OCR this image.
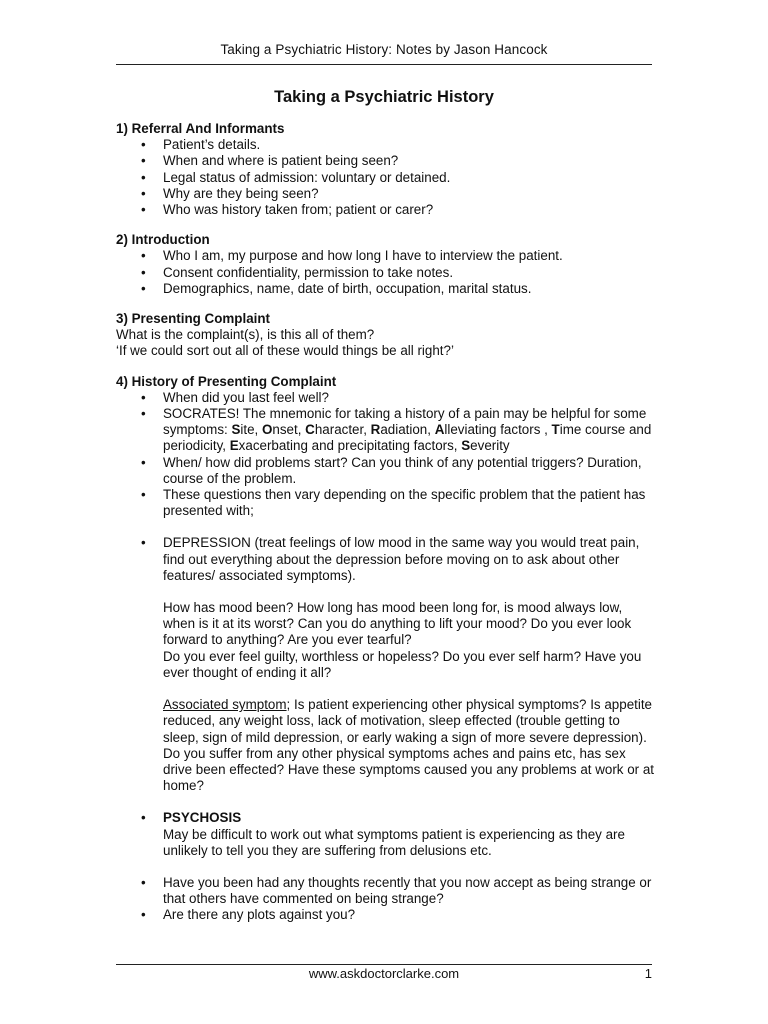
Taking a Psychiatric History: Notes by Jason Hancock
Taking a Psychiatric History

1) Referral And Informants

• Patient’s details.
• When and where is patient being seen?
• Legal status of admission: voluntary or detained.
• Why are they being seen?
• Who was history taken from; patient or carer?

2) Introduction

• Who I am, my purpose and how long I have to interview the patient.
• Consent confidentiality, permission to take notes.
• Demographics, name, date of birth, occupation, marital status.

3) Presenting Complaint

What is the complaint(s), is this all of them?

‘If we could sort out all of these would things be all right?’

4) History of Presenting Complaint

• When did you last feel well?
• SOCRATES! The mnemonic for taking a history of a pain may be helpful for some symptoms: Site, Onset, Character, Radiation, Alleviating factors , Time course and periodicity, Exacerbating and precipitating factors, Severity
• When/ how did problems start? Can you think of any potential triggers? Duration, course of the problem.
• These questions then vary depending on the specific problem that the patient has presented with;

• DEPRESSION (treat feelings of low mood in the same way you would treat pain, find out everything about the depression before moving on to ask about other features/ associated symptoms).

How has mood been? How long has mood been long for, is mood always low, when is it at its worst? Can you do anything to lift your mood? Do you ever look forward to anything? Are you ever tearful?

Do you ever feel guilty, worthless or hopeless? Do you ever self harm? Have you ever thought of ending it all?

Associated symptom; Is patient experiencing other physical symptoms? Is appetite reduced, any weight loss, lack of motivation, sleep effected (trouble getting to sleep, sign of mild depression, or early waking a sign of more severe depression). Do you suffer from any other physical symptoms aches and pains etc, has sex drive been effected? Have these symptoms caused you any problems at work or at home?

• PSYCHOSIS

May be difficult to work out what symptoms patient is experiencing as they are unlikely to tell you they are suffering from delusions etc.

• Have you been had any thoughts recently that you now accept as being strange or that others have commented on being strange?
• Are there any plots against you?
www.askdoctorclarke.com	1
